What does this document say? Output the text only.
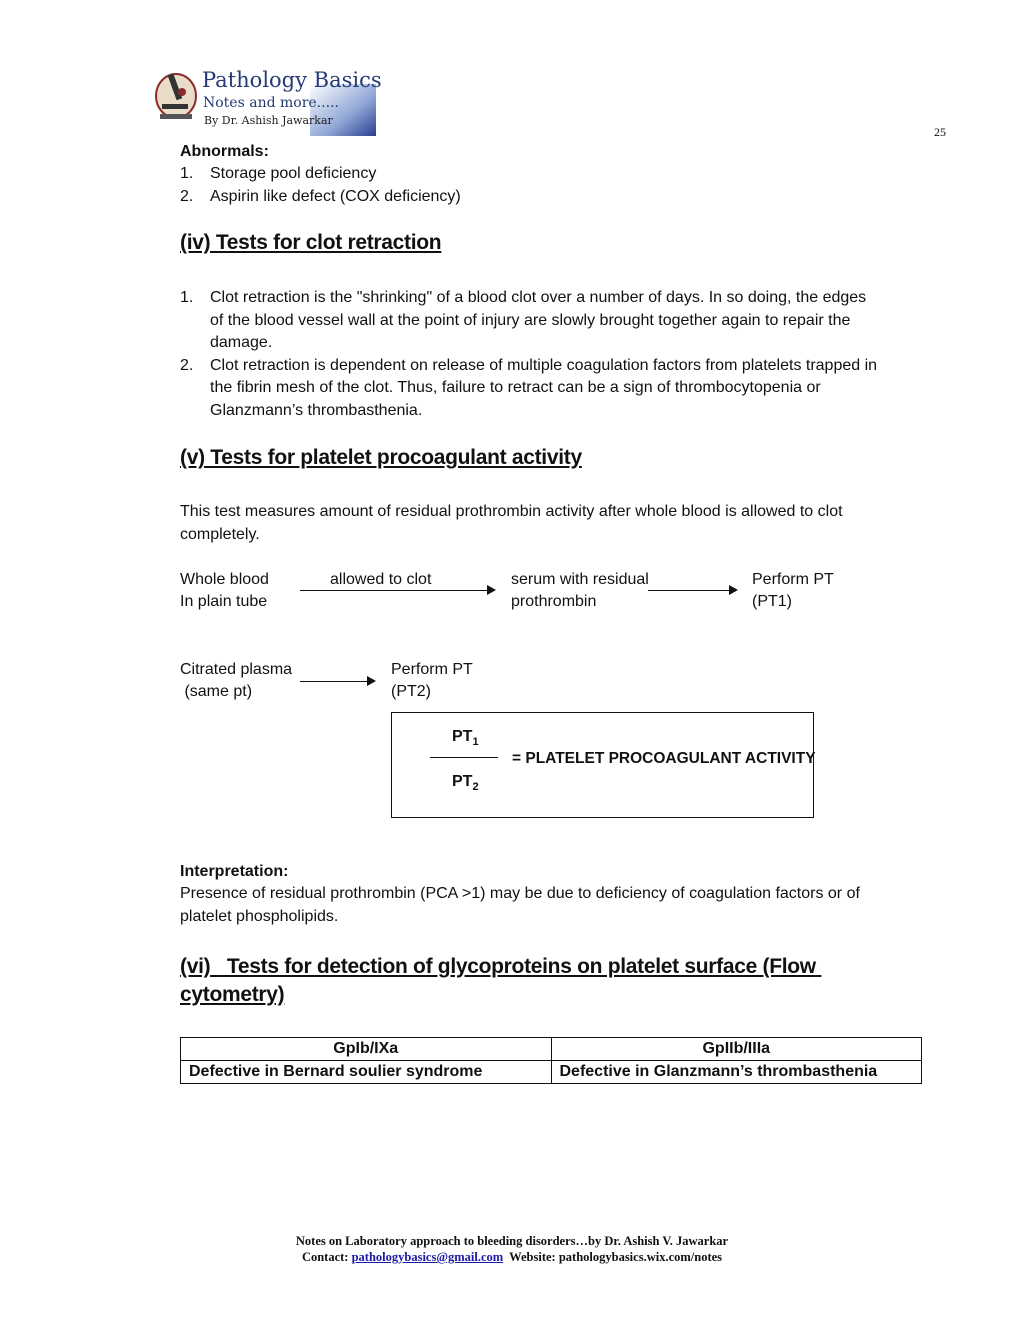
Pathology Basics
Notes and more.....
By Dr. Ashish Jawarkar
25
Abnormals:
1. Storage pool deficiency
2. Aspirin like defect (COX deficiency)
(iv) Tests for clot retraction
1. Clot retraction is the "shrinking" of a blood clot over a number of days. In so doing, the edges of the blood vessel wall at the point of injury are slowly brought together again to repair the damage.
2. Clot retraction is dependent on release of multiple coagulation factors from platelets trapped in the fibrin mesh of the clot. Thus, failure to retract can be a sign of thrombocytopenia or Glanzmann’s thrombasthenia.
(v) Tests for platelet procoagulant activity
This test measures amount of residual prothrombin activity after whole blood is allowed to clot completely.
Whole blood
In plain tube
allowed to clot	serum with residual
prothrombin
Perform PT
(PT1)
Citrated plasma
(same pt)
Perform PT
(PT2)
$PT_1$
$PT_2$
= PLATELET PROCOAGULANT ACTIVITY
Interpretation:
Presence of residual prothrombin (PCA >1) may be due to deficiency of coagulation factors or of platelet phospholipids.
(vi)   Tests for detection of glycoproteins on platelet surface (Flow cytometry)
GpIb/IXa	GpIIb/IIIa
Defective in Bernard soulier syndrome	Defective in Glanzmann’s thrombasthenia
Notes on Laboratory approach to bleeding disorders…by Dr. Ashish V. Jawarkar
Contact: pathologybasics@gmail.com  Website: pathologybasics.wix.com/notes
